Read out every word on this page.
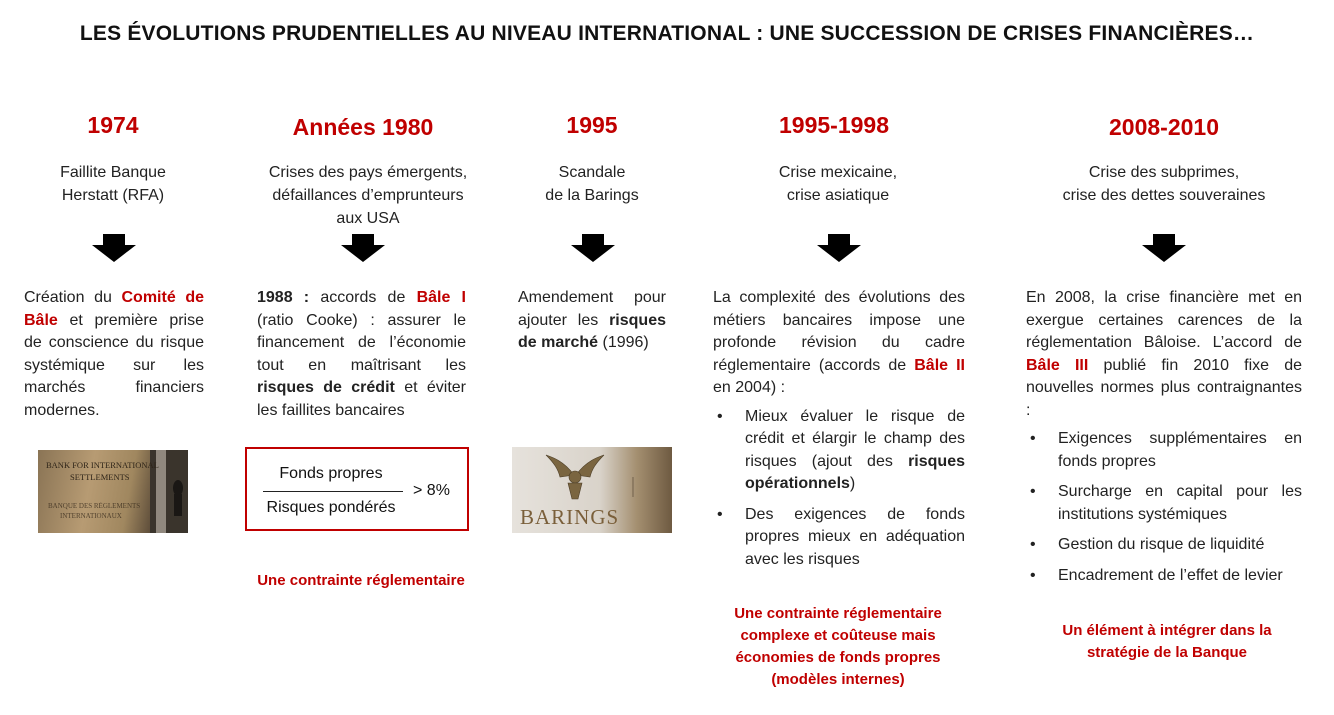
LES ÉVOLUTIONS PRUDENTIELLES AU NIVEAU INTERNATIONAL : UNE SUCCESSION DE CRISES FINANCIÈRES…
1974
Faillite Banque
Herstatt (RFA)
Création du Comité de Bâle et première prise de conscience du risque systémique sur les marchés financiers modernes.
BANK FOR INTERNATIONAL
SETTLEMENTS
BANQUE DES RÈGLEMENTS
INTERNATIONAUX
Années 1980
Crises des pays émergents,
défaillances d’emprunteurs
aux USA
1988 : accords de Bâle I (ratio Cooke) : assurer le financement de l’économie tout en maîtrisant les risques de crédit et éviter les faillites bancaires
Fonds propres
Risques pondérés
> 8%
Une contrainte réglementaire
1995
Scandale
de la Barings
Amendement pour ajouter les risques de marché (1996)
BARINGS
1995-1998
Crise mexicaine,
crise asiatique
La complexité des évolutions des métiers bancaires impose une profonde révision du cadre réglementaire (accords de Bâle II en 2004) :
• Mieux évaluer le risque de crédit et élargir le champ des risques (ajout des risques opérationnels)
• Des exigences de fonds propres mieux en adéquation avec les risques
Une contrainte réglementaire
complexe et coûteuse mais
économies de fonds propres
(modèles internes)
2008-2010
Crise des subprimes,
crise des dettes souveraines
En 2008, la crise financière met en exergue certaines carences de la réglementation Bâloise. L’accord de Bâle III publié fin 2010 fixe de nouvelles normes plus contraignantes :
• Exigences supplémentaires en fonds propres
• Surcharge en capital pour les institutions systémiques
• Gestion du risque de liquidité
• Encadrement de l’effet de levier
Un élément à intégrer dans la
stratégie de la Banque
